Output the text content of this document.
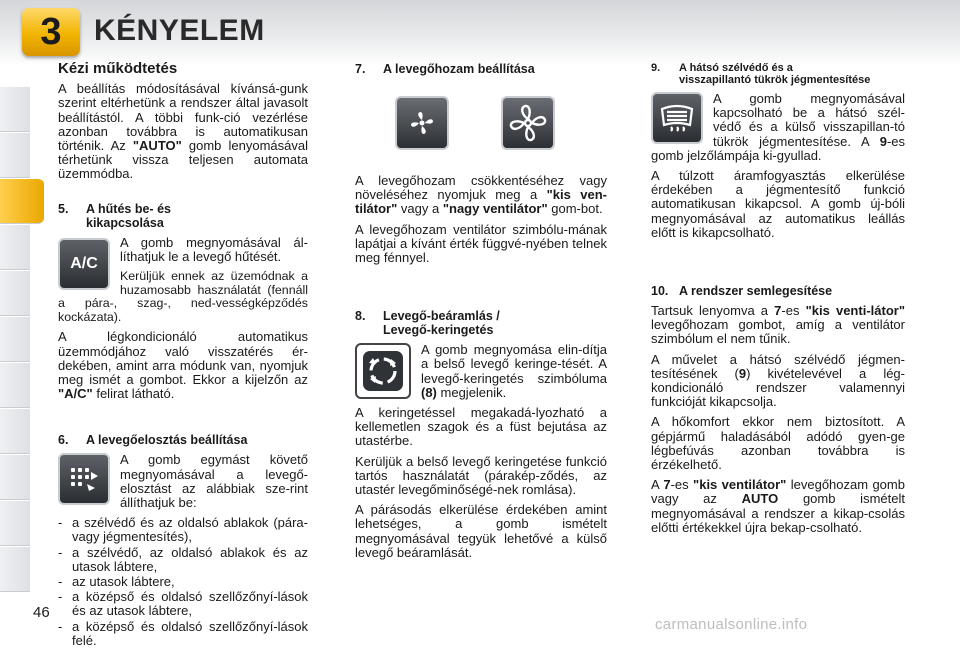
3	KÉNYELEM
Kézi működtetés

A beállítás módosításával kívánsá-gunk szerint eltérhetünk a rendszer által javasolt beállítástól. A többi funk-ció vezérlése azonban továbbra is automatikusan történik. Az "AUTO" gomb lenyomásával térhetünk vissza teljesen automata üzemmódba.

5. A hűtés be- és
kikapcsolása
A/C

A gomb megnyomásával ál-líthatjuk le a levegő hűtését.

Kerüljük ennek az üzemódnak a huzamosabb használatát (fennáll a pára-, szag-, ned-vességképződés kockázata).

A légkondicionáló automatikus üzemmódjához való visszatérés ér-dekében, amint arra módunk van, nyomjuk meg ismét a gombot. Ekkor a kijelzőn az "A/C" felirat látható.

6. A levegőelosztás beállítása

A gomb egymást követő megnyomásával a levegő-elosztást az alábbiak sze-rint állíthatjuk be:

- a szélvédő és az oldalsó ablakok (pára- vagy jégmentesítés),
- a szélvédő, az oldalsó ablakok és az utasok lábtere,
- az utasok lábtere,
- a középső és oldalsó szellőzőnyí-lások és az utasok lábtere,
- a középső és oldalsó szellőzőnyí-lások felé.
7. A levegőhozam beállítása

A levegőhozam csökkentéséhez vagy növeléséhez nyomjuk meg a "kis ven-tilátor" vagy a "nagy ventilátor" gom-bot.

A levegőhozam ventilátor szimbólu-mának lapátjai a kívánt érték függvé-nyében telnek meg fénnyel.

8. Levegő-beáramlás /
Levegő-keringetés

A gomb megnyomása elin-dítja a belső levegő keringe-tését. A levegő-keringetés szimbóluma (8) megjelenik.

A keringetéssel megakadá-lyozható a kellemetlen szagok és a füst bejutása az utastérbe.

Kerüljük a belső levegő keringetése funkció tartós használatát (párakép-ződés, az utastér levegőminőségé-nek romlása).

A párásodás elkerülése érdekében amint lehetséges, a gomb ismételt megnyomásával tegyük lehetővé a külső levegő beáramlását.

9. A hátsó szélvédő és a
visszapillantó tükrök jégmentesítése

A gomb megnyomásával kapcsolható be a hátsó szél-védő és a külső visszapillan-tó tükrök jégmentesítése. A 9-es gomb jelzőlámpája ki-gyullad.

A túlzott áramfogyasztás elkerülése érdekében a jégmentesítő funkció automatikusan kikapcsol. A gomb új-bóli megnyomásával az automatikus leállás előtt is kikapcsolható.

10. A rendszer semlegesítése

Tartsuk lenyomva a 7-es "kis venti-látor" levegőhozam gombot, amíg a ventilátor szimbólum el nem tűnik.

A művelet a hátsó szélvédő jégmen-tesítésének (9) kivételevével a lég-kondicionáló rendszer valamennyi funkcióját kikapcsolja.

A hőkomfort ekkor nem biztosított. A gépjármű haladásából adódó gyen-ge légbefúvás azonban továbbra is érzékelhető.

A 7-es "kis ventilátor" levegőhozam gomb vagy az AUTO gomb ismételt megnyomásával a rendszer a kikap-csolás előtti értékekkel újra bekap-csolható.

46
carmanualsonline.info
